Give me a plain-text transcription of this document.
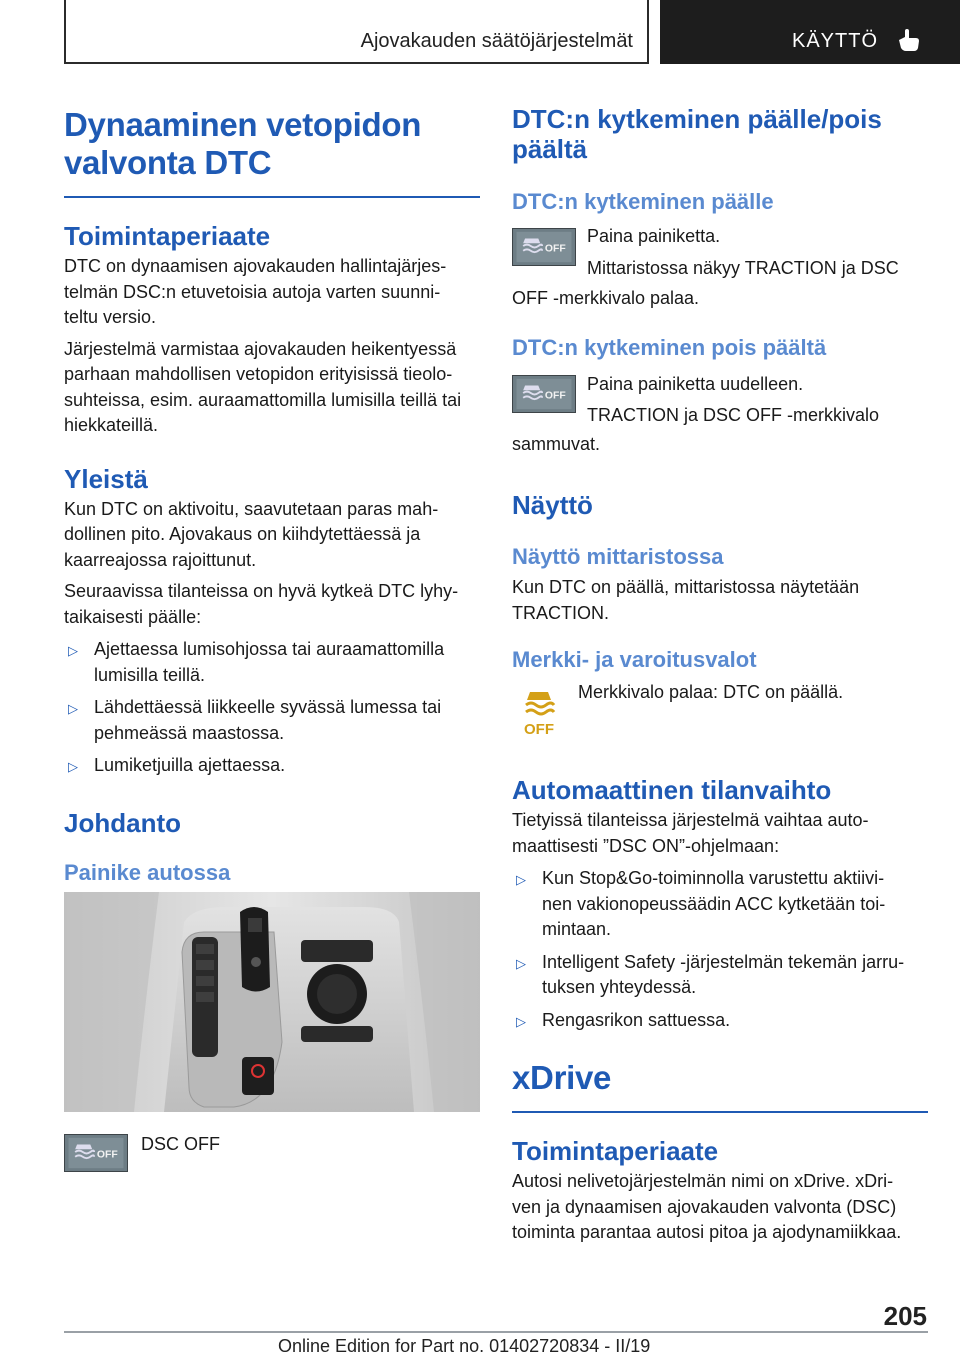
Ajovakauden säätöjärjestelmät	KÄYTTÖ
Dynaaminen vetopidon
valvonta DTC
Toimintaperiaate
DTC on dynaamisen ajovakauden hallintajärjes-
telmän DSC:n etuvetoisia autoja varten suunni-
teltu versio.
Järjestelmä varmistaa ajovakauden heikentyessä
parhaan mahdollisen vetopidon erityisissä tieolo-
suhteissa, esim. auraamattomilla lumisilla teillä tai
hiekkateillä.
Yleistä
Kun DTC on aktivoitu, saavutetaan paras mah-
dollinen pito. Ajovakaus on kiihdytettäessä ja
kaarreajossa rajoittunut.
Seuraavissa tilanteissa on hyvä kytkeä DTC lyhy-
taikaisesti päälle:
▷ Ajettaessa lumisohjossa tai auraamattomilla
lumisilla teillä.
▷ Lähdettäessä liikkeelle syvässä lumessa tai
pehmeässä maastossa.
▷ Lumiketjuilla ajettaessa.
Johdanto
Painike autossa
OFF
DSC OFF
DTC:n kytkeminen päälle/pois
päältä
DTC:n kytkeminen päälle
OFF
Paina painiketta.
Mittaristossa näkyy TRACTION ja DSC
OFF -merkkivalo palaa.
DTC:n kytkeminen pois päältä
OFF
Paina painiketta uudelleen.
TRACTION ja DSC OFF -merkkivalo
sammuvat.
Näyttö
Näyttö mittaristossa
Kun DTC on päällä, mittaristossa näytetään
TRACTION.
Merkki- ja varoitusvalot
OFF
Merkkivalo palaa: DTC on päällä.
Automaattinen tilanvaihto
Tietyissä tilanteissa järjestelmä vaihtaa auto-
maattisesti ”DSC ON”-ohjelmaan:
▷ Kun Stop&Go-toiminnolla varustettu aktiivi-
nen vakionopeussäädin ACC kytketään toi-
mintaan.
▷ Intelligent Safety -järjestelmän tekemän jarru-
tuksen yhteydessä.
▷ Rengasrikon sattuessa.
xDrive
Toimintaperiaate
Autosi nelivetojärjestelmän nimi on xDrive. xDri-
ven ja dynaamisen ajovakauden valvonta (DSC)
toiminta parantaa autosi pitoa ja ajodynamiikkaa.
205
Online Edition for Part no. 01402720834 - II/19
